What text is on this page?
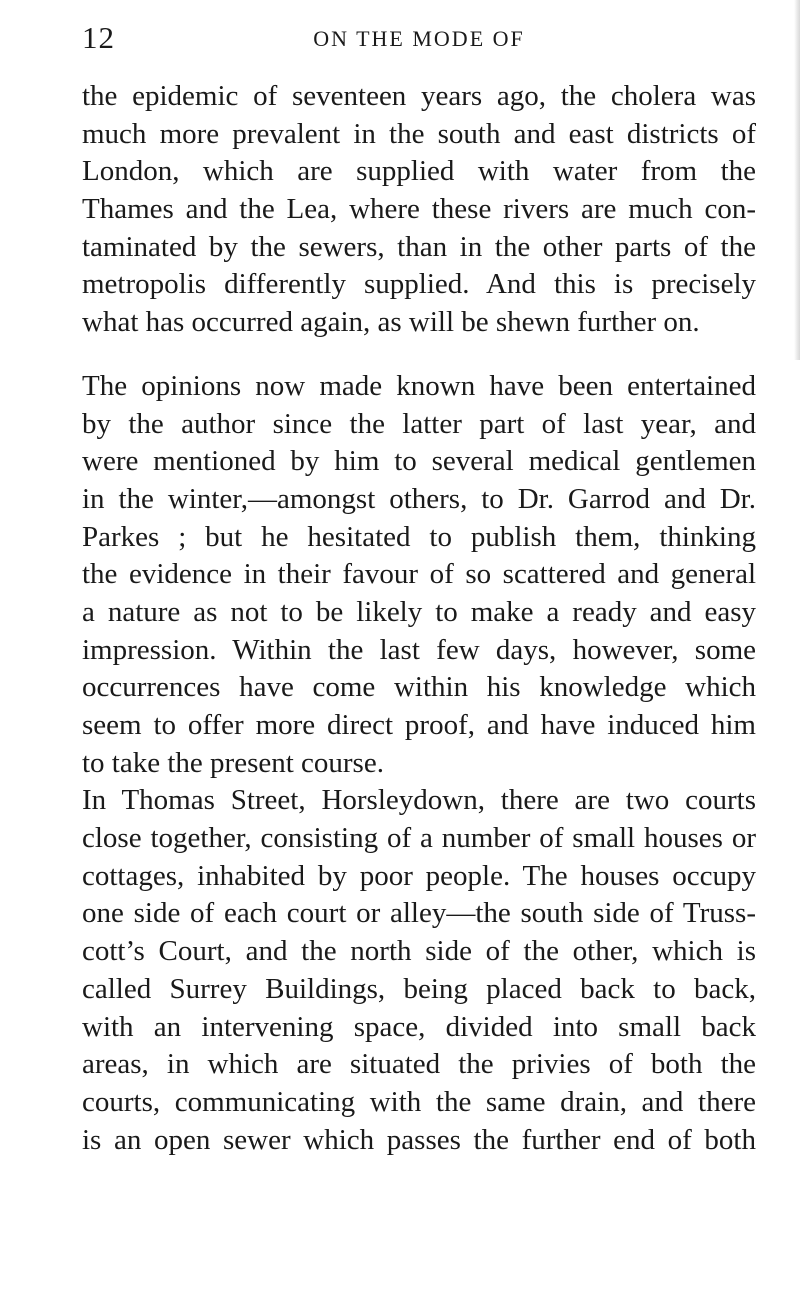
12	ON THE MODE OF
the epidemic of seventeen years ago, the cholera was
much more prevalent in the south and east districts of
London, which are supplied with water from the
Thames and the Lea, where these rivers are much con-
taminated by the sewers, than in the other parts of the
metropolis differently supplied. And this is precisely
what has occurred again, as will be shewn further on.
The opinions now made known have been entertained
by the author since the latter part of last year, and
were mentioned by him to several medical gentlemen
in the winter,—amongst others, to Dr. Garrod and Dr.
Parkes ; but he hesitated to publish them, thinking
the evidence in their favour of so scattered and general
a nature as not to be likely to make a ready and easy
impression. Within the last few days, however, some
occurrences have come within his knowledge which
seem to offer more direct proof, and have induced him
to take the present course.
In Thomas Street, Horsleydown, there are two courts
close together, consisting of a number of small houses or
cottages, inhabited by poor people. The houses occupy
one side of each court or alley—the south side of Truss-
cott’s Court, and the north side of the other, which is
called Surrey Buildings, being placed back to back,
with an intervening space, divided into small back
areas, in which are situated the privies of both the
courts, communicating with the same drain, and there
is an open sewer which passes the further end of both
